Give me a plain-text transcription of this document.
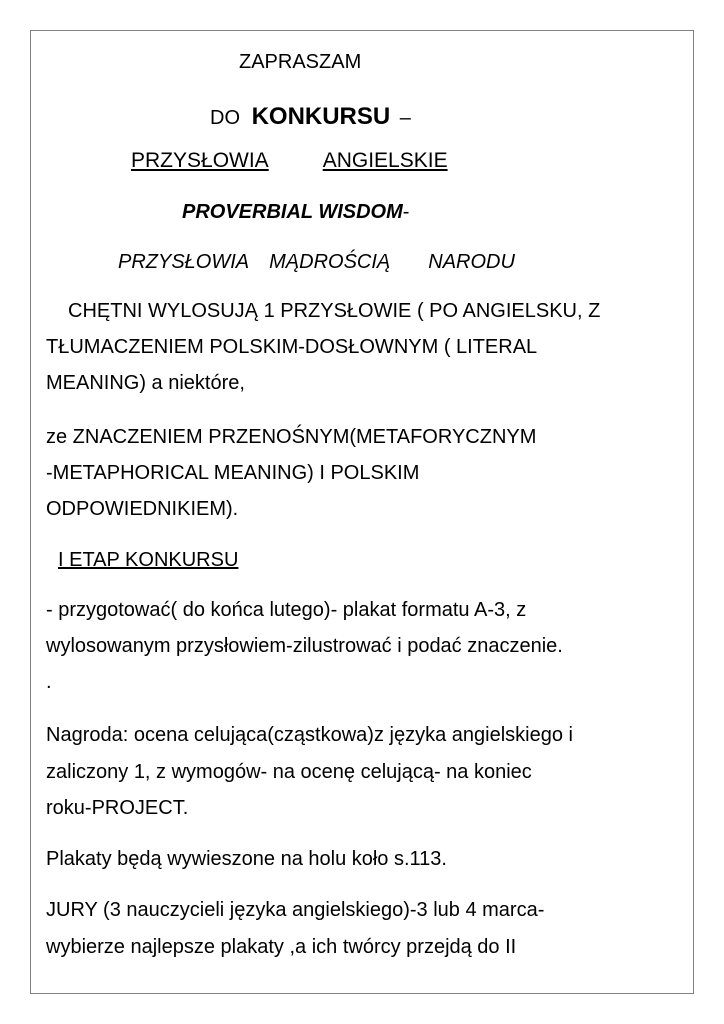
ZAPRASZAM
DO KONKURSU –
PRZYSŁOWIA	ANGIELSKIE
PROVERBIAL WISDOM-
PRZYSŁOWIA MĄDROŚCIĄ NARODU
CHĘTNI WYLOSUJĄ 1 PRZYSŁOWIE ( PO ANGIELSKU, Z
TŁUMACZENIEM POLSKIM-DOSŁOWNYM ( LITERAL
MEANING) a niektóre,
ze ZNACZENIEM PRZENOŚNYM(METAFORYCZNYM
-METAPHORICAL MEANING) I POLSKIM
ODPOWIEDNIKIEM).
I ETAP KONKURSU
- przygotować( do końca lutego)- plakat formatu A-3, z
wylosowanym przysłowiem-zilustrować i podać znaczenie.
.
Nagroda: ocena celująca(cząstkowa)z języka angielskiego i
zaliczony 1, z wymogów- na ocenę celującą- na koniec
roku-PROJECT.
Plakaty będą wywieszone na holu koło s.113.
JURY (3 nauczycieli języka angielskiego)-3 lub 4 marca-
wybierze najlepsze plakaty ,a ich twórcy przejdą do II
